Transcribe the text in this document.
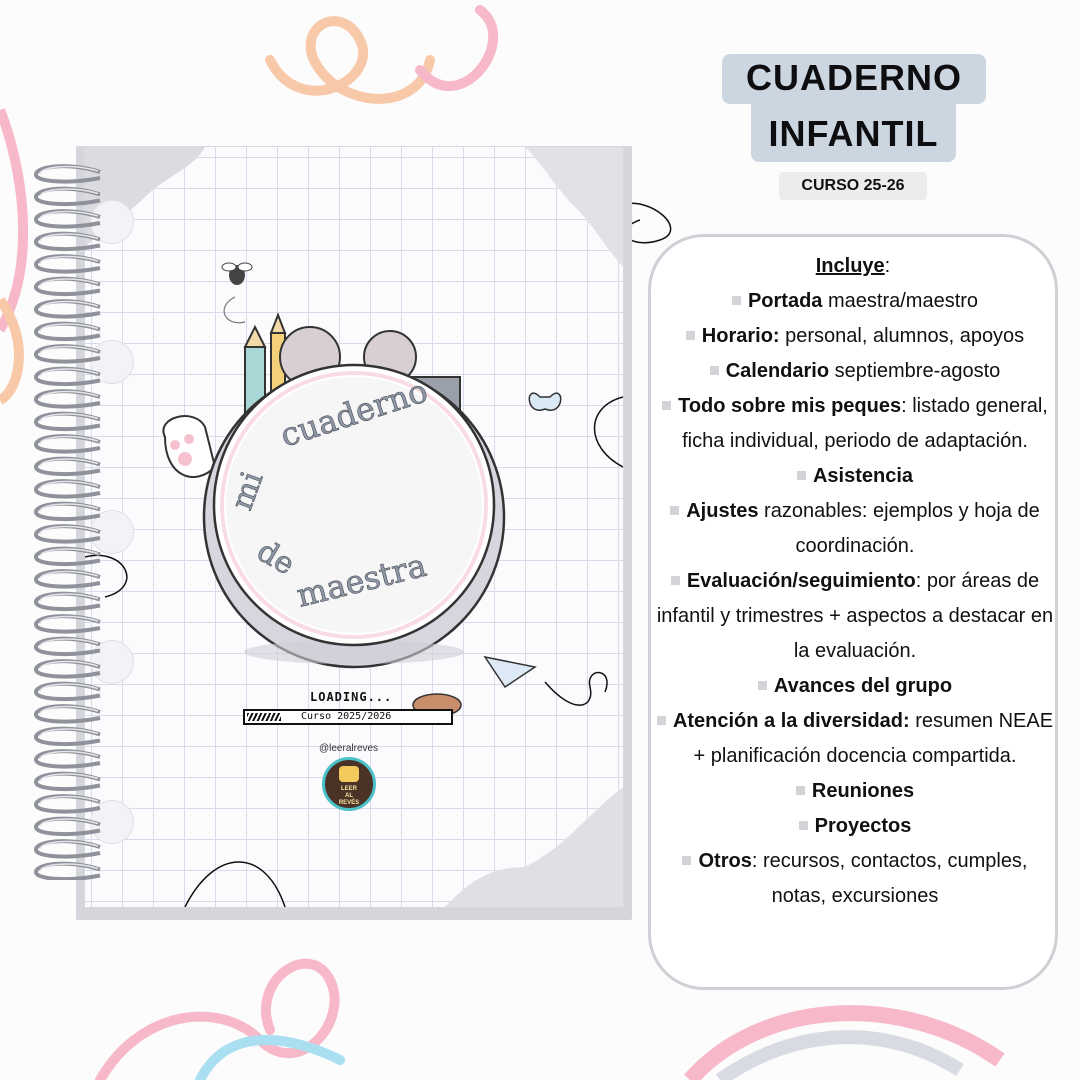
mi
cuaderno
de
maestra
LOADING...
Curso 2025/2026
@leeralreves
LEER
AL
REVÉS
CUADERNO
INFANTIL
CURSO 25-26
Incluye:
Portada maestra/maestro
Horario: personal, alumnos, apoyos
Calendario septiembre-agosto
Todo sobre mis peques: listado general, ficha individual, periodo de adaptación.
Asistencia
Ajustes razonables: ejemplos y hoja de coordinación.
Evaluación/seguimiento: por áreas de infantil y trimestres + aspectos a destacar en la evaluación.
Avances del grupo
Atención a la diversidad: resumen NEAE + planificación docencia compartida.
Reuniones
Proyectos
Otros: recursos, contactos, cumples, notas, excursiones
